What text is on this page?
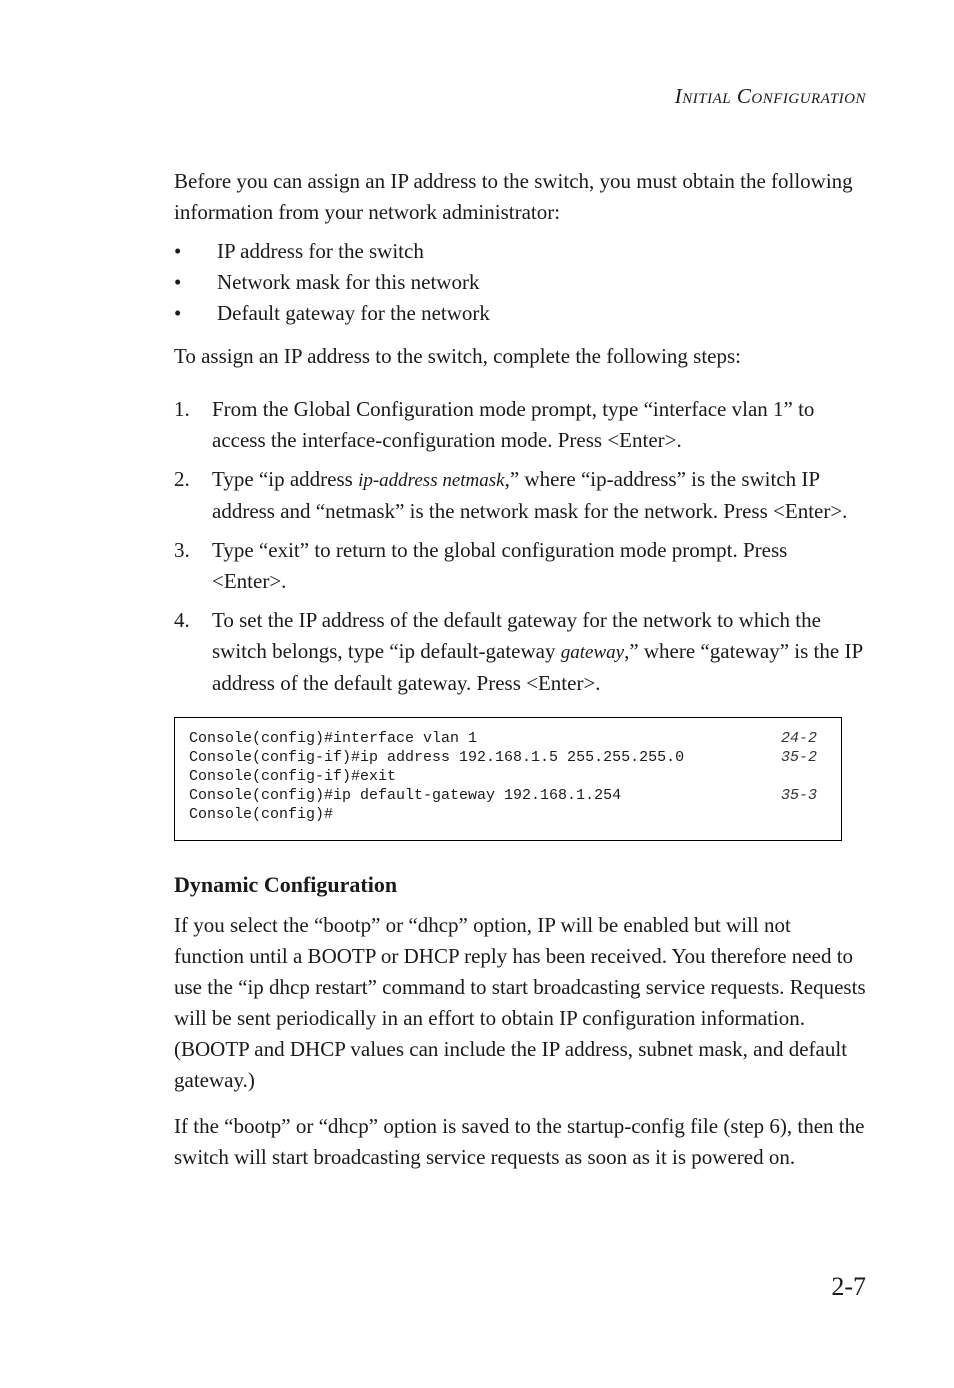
Initial Configuration

Before you can assign an IP address to the switch, you must obtain the following information from your network administrator:

• IP address for the switch
• Network mask for this network
• Default gateway for the network

To assign an IP address to the switch, complete the following steps:

1. From the Global Configuration mode prompt, type “interface vlan 1” to access the interface-configuration mode. Press <Enter>.
2. Type “ip address ip-address netmask,” where “ip-address” is the switch IP address and “netmask” is the network mask for the network. Press <Enter>.
3. Type “exit” to return to the global configuration mode prompt. Press <Enter>.
4. To set the IP address of the default gateway for the network to which the switch belongs, type “ip default-gateway gateway,” where “gateway” is the IP address of the default gateway. Press <Enter>.
Console(config)#interface vlan 1	24-2
Console(config-if)#ip address 192.168.1.5 255.255.255.0	35-2
Console(config-if)#exit
Console(config)#ip default-gateway 192.168.1.254	35-3
Console(config)#
Dynamic Configuration

If you select the “bootp” or “dhcp” option, IP will be enabled but will not function until a BOOTP or DHCP reply has been received. You therefore need to use the “ip dhcp restart” command to start broadcasting service requests. Requests will be sent periodically in an effort to obtain IP configuration information. (BOOTP and DHCP values can include the IP address, subnet mask, and default gateway.)

If the “bootp” or “dhcp” option is saved to the startup-config file (step 6), then the switch will start broadcasting service requests as soon as it is powered on.

2-7
